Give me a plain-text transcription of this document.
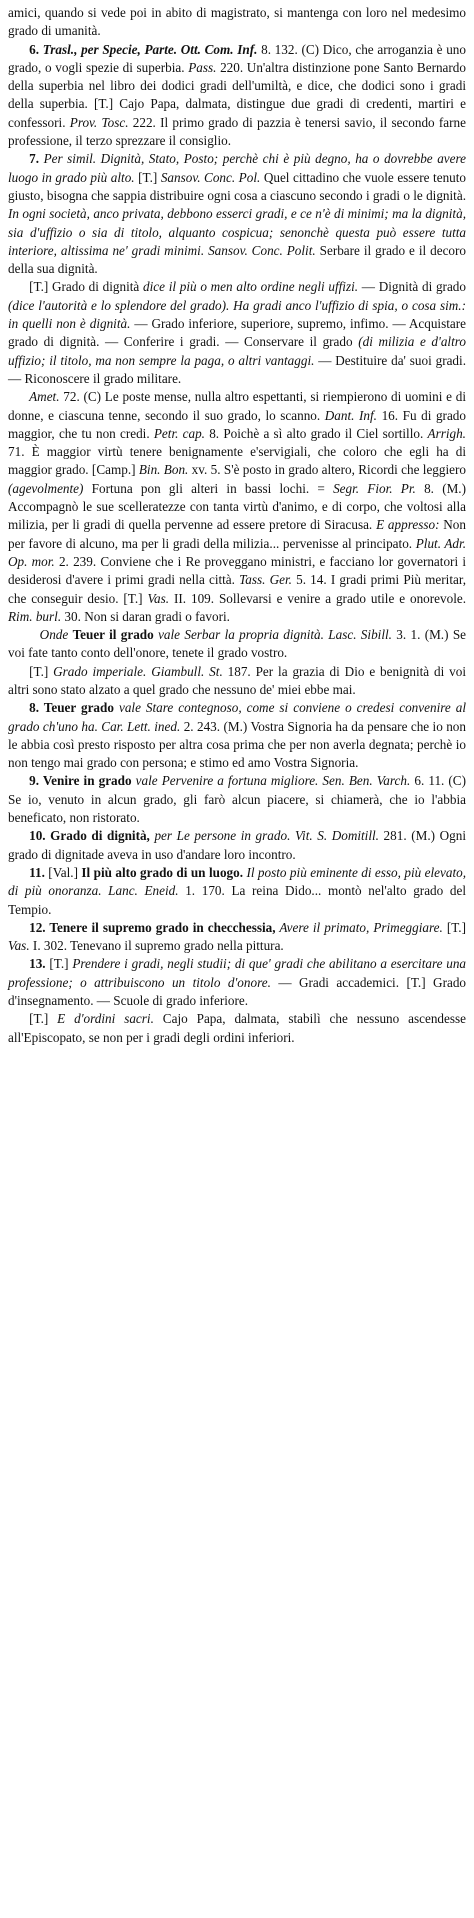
amici, quando si vede poi in abito di magistrato, si mantenga con loro nel medesimo grado di umanità.

6. Trasl., per Specie, Parte. Ott. Com. Inf. 8. 132. (C) Dico, che arroganzia è uno grado, o vogli spezie di superbia. Pass. 220. Un'altra distinzione pone Santo Bernardo della superbia nel libro dei dodici gradi dell'umiltà, e dice, che dodici sono i gradi della superbia. [T.] Cajo Papa, dalmata, distingue due gradi di credenti, martiri e confessori. Prov. Tosc. 222. Il primo grado di pazzia è tenersi savio, il secondo farne professione, il terzo sprezzare il consiglio.

7. Per simil. Dignità, Stato, Posto; perchè chi è più degno, ha o dovrebbe avere luogo in grado più alto. [T.] Sansov. Conc. Pol. Quel cittadino che vuole essere tenuto giusto, bisogna che sappia distribuire ogni cosa a ciascuno secondo i gradi o le dignità. In ogni società, anco privata, debbono esserci gradi, e ce n'è di minimi; ma la dignità, sia d'uffizio o sia di titolo, alquanto cospicua; senonchè questa può essere tutta interiore, altissima ne' gradi minimi. Sansov. Conc. Polit. Serbare il grado e il decoro della sua dignità.

[T.] Grado di dignità dice il più o men alto ordine negli uffizi. — Dignità di grado (dice l'autorità e lo splendore del grado). Ha gradi anco l'uffizio di spia, o cosa sim.: in quelli non è dignità. — Grado inferiore, superiore, supremo, infimo. — Acquistare grado di dignità. — Conferire i gradi. — Conservare il grado (di milizia e d'altro uffizio; il titolo, ma non sempre la paga, o altri vantaggi. — Destituire da' suoi gradi. — Riconoscere il grado militare.

Amet. 72. (C) Le poste mense, nulla altro espettanti, si riempierono di uomini e di donne, e ciascuna tenne, secondo il suo grado, lo scanno. Dant. Inf. 16. Fu di grado maggior, che tu non credi. Petr. cap. 8. Poichè a sì alto grado il Ciel sortillo. Arrigh. 71. È maggior virtù tenere benignamente e'servigiali, che coloro che egli ha di maggior grado. [Camp.] Bin. Bon. xv. 5. S'è posto in grado altero, Ricordi che leggiero (agevolmente) Fortuna pon gli alteri in bassi lochi. = Segr. Fior. Pr. 8. (M.) Accompagnò le sue scelleratezze con tanta virtù d'animo, e di corpo, che voltosi alla milizia, per li gradi di quella pervenne ad essere pretore di Siracusa. E appresso: Non per favore di alcuno, ma per li gradi della milizia... pervenisse al principato. Plut. Adr. Op. mor. 2. 239. Conviene che i Re proveggano ministri, e facciano lor governatori i desiderosi d'avere i primi gradi nella città. Tass. Ger. 5. 14. I gradi primi Più meritar, che conseguir desio. [T.] Vas. II. 109. Sollevarsi e venire a grado utile e onorevole. Rim. burl. 30. Non si daran gradi o favori.

Onde Teuer il grado vale Serbar la propria dignità. Lasc. Sibill. 3. 1. (M.) Se voi fate tanto conto dell'onore, tenete il grado vostro.

[T.] Grado imperiale. Giambull. St. 187. Per la grazia di Dio e benignità di voi altri sono stato alzato a quel grado che nessuno de' miei ebbe mai.

8. Teuer grado vale Stare contegnoso, come si conviene o credesi convenire al grado ch'uno ha. Car. Lett. ined. 2. 243. (M.) Vostra Signoria ha da pensare che io non le abbia così presto risposto per altra cosa prima che per non averla degnata; perchè io non tengo mai grado con persona; e stimo ed amo Vostra Signoria.

9. Venire in grado vale Pervenire a fortuna migliore. Sen. Ben. Varch. 6. 11. (C) Se io, venuto in alcun grado, gli farò alcun piacere, si chiamerà, che io l'abbia beneficato, non ristorato.

10. Grado di dignità, per Le persone in grado. Vit. S. Domitill. 281. (M.) Ogni grado di dignitade aveva in uso d'andare loro incontro.

11. [Val.] Il più alto grado di un luogo. Il posto più eminente di esso, più elevato, di più onoranza. Lanc. Eneid. 1. 170. La reina Dido... montò nel'alto grado del Tempio.

12. Tenere il supremo grado in checchessia, Avere il primato, Primeggiare. [T.] Vas. I. 302. Tenevano il supremo grado nella pittura.

13. [T.] Prendere i gradi, negli studii; di que' gradi che abilitano a esercitare una professione; o attribuiscono un titolo d'onore. — Gradi accademici. [T.] Grado d'insegnamento. — Scuole di grado inferiore.

[T.] E d'ordini sacri. Cajo Papa, dalmata, stabilì che nessuno ascendesse all'Episcopato, se non per i gradi degli ordini inferiori.
